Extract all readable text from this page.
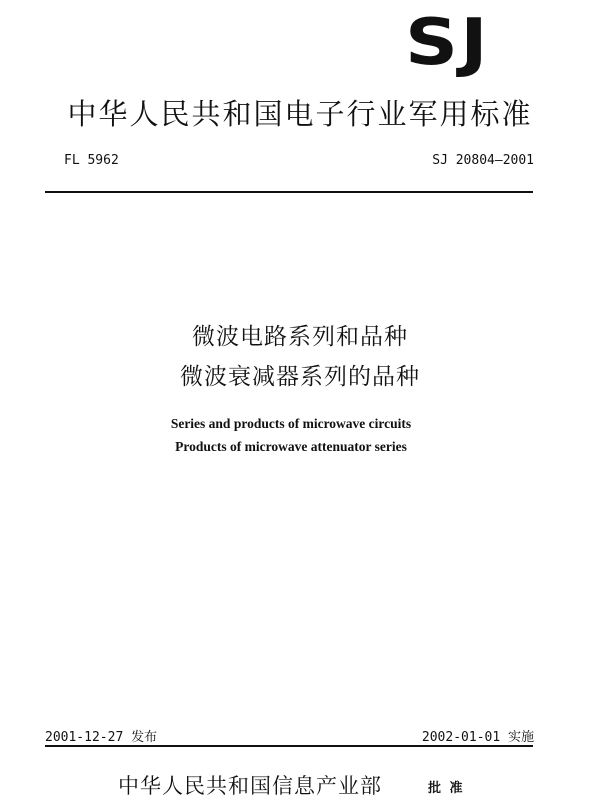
SJ
中华人民共和国电子行业军用标准
FL 5962	SJ 20804—2001
微波电路系列和品种
微波衰减器系列的品种
Series and products of microwave circuits
Products of microwave attenuator series
2001-12-27 发布	2002-01-01 实施
中华人民共和国信息产业部	批 准
